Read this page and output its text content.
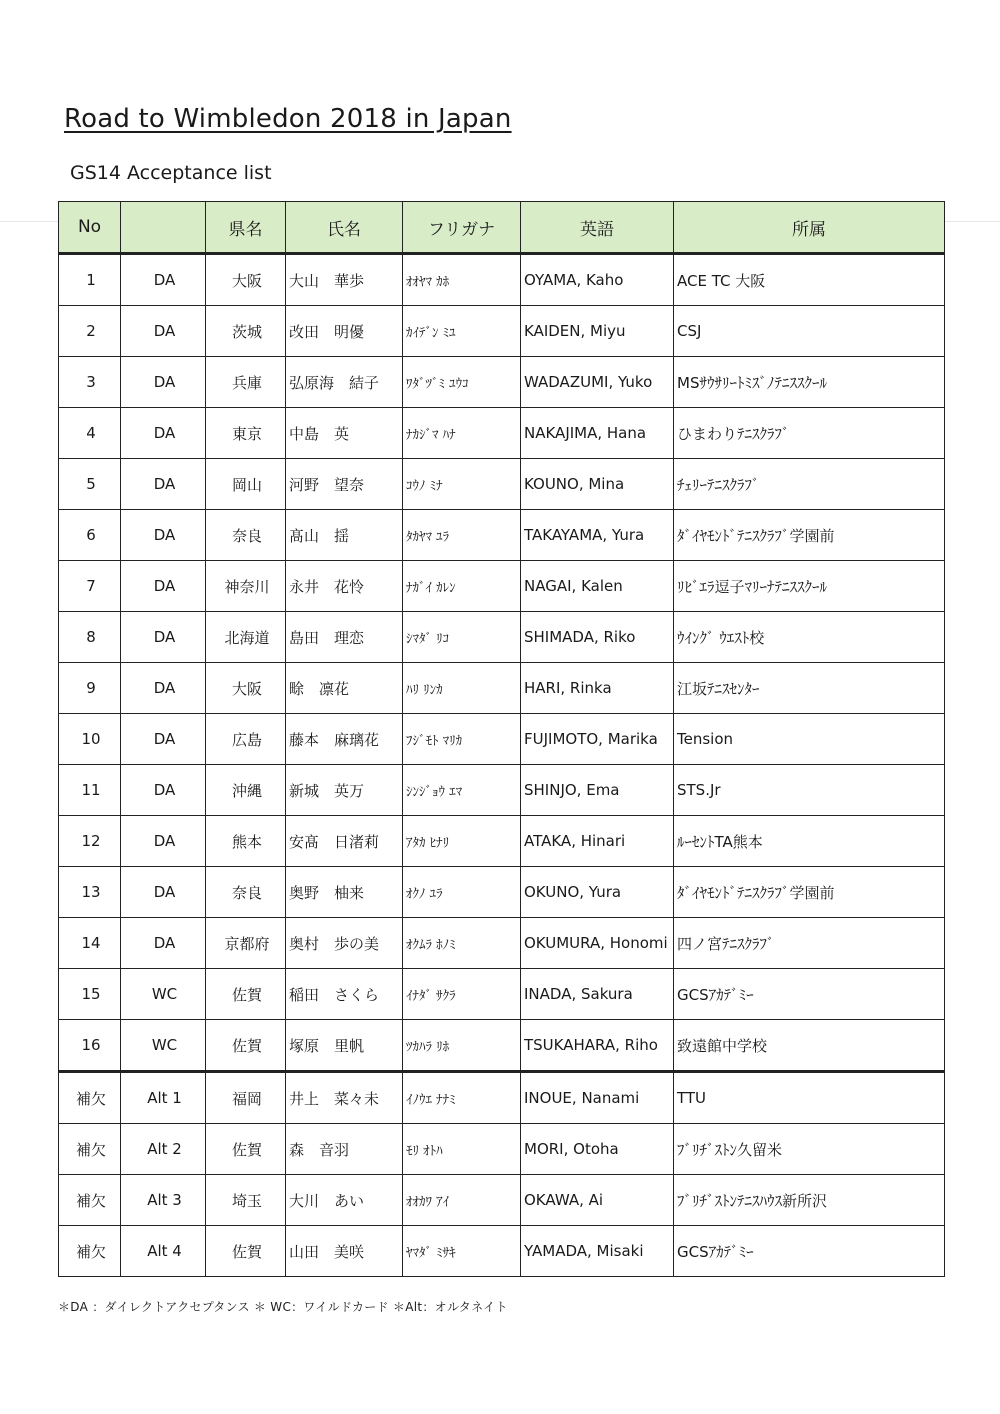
Road to Wimbledon 2018 in Japan
GS14 Acceptance list
No		県名	氏名	フリガナ	英語	所属
1	DA	大阪	大山　華歩	ｵｵﾔﾏ ｶﾎ	OYAMA, Kaho	ACE TC 大阪
2	DA	茨城	改田　明優	ｶｲﾃﾞﾝ ﾐﾕ	KAIDEN, Miyu	CSJ
3	DA	兵庫	弘原海　結子	ﾜﾀﾞﾂﾞﾐ ﾕｳｺ	WADAZUMI, Yuko	MSｻｳｻﾘｰﾄﾐｽﾞﾉﾃﾆｽｽｸｰﾙ
4	DA	東京	中島　英	ﾅｶｼﾞﾏ ﾊﾅ	NAKAJIMA, Hana	ひまわりﾃﾆｽｸﾗﾌﾞ
5	DA	岡山	河野　望奈	ｺｳﾉ ﾐﾅ	KOUNO, Mina	ﾁｪﾘｰﾃﾆｽｸﾗﾌﾞ
6	DA	奈良	髙山　揺	ﾀｶﾔﾏ ﾕﾗ	TAKAYAMA, Yura	ﾀﾞｲﾔﾓﾝﾄﾞﾃﾆｽｸﾗﾌﾞ学園前
7	DA	神奈川	永井　花怜	ﾅｶﾞｲ ｶﾚﾝ	NAGAI, Kalen	ﾘﾋﾞｴﾗ逗子ﾏﾘｰﾅﾃﾆｽｽｸｰﾙ
8	DA	北海道	島田　理恋	ｼﾏﾀﾞ ﾘｺ	SHIMADA, Riko	ｳｲﾝｸﾞ ｳｴｽﾄ校
9	DA	大阪	畭　凛花	ﾊﾘ ﾘﾝｶ	HARI, Rinka	江坂ﾃﾆｽｾﾝﾀｰ
10	DA	広島	藤本　麻璃花	ﾌｼﾞﾓﾄ ﾏﾘｶ	FUJIMOTO, Marika	Tension
11	DA	沖縄	新城　英万	ｼﾝｼﾞｮｳ ｴﾏ	SHINJO, Ema	STS.Jr
12	DA	熊本	安髙　日渚莉	ｱﾀｶ ﾋﾅﾘ	ATAKA, Hinari	ﾙｰｾﾝﾄTA熊本
13	DA	奈良	奥野　柚来	ｵｸﾉ ﾕﾗ	OKUNO, Yura	ﾀﾞｲﾔﾓﾝﾄﾞﾃﾆｽｸﾗﾌﾞ学園前
14	DA	京都府	奥村　歩の美	ｵｸﾑﾗ ﾎﾉﾐ	OKUMURA, Honomi	四ノ宮ﾃﾆｽｸﾗﾌﾞ
15	WC	佐賀	稲田　さくら	ｲﾅﾀﾞ ｻｸﾗ	INADA, Sakura	GCSｱｶﾃﾞﾐｰ
16	WC	佐賀	塚原　里帆	ﾂｶﾊﾗ ﾘﾎ	TSUKAHARA, Riho	致遠館中学校
補欠	Alt 1	福岡	井上　菜々未	ｲﾉｳｴ ﾅﾅﾐ	INOUE, Nanami	TTU
補欠	Alt 2	佐賀	森　音羽	ﾓﾘ ｵﾄﾊ	MORI, Otoha	ﾌﾞﾘﾁﾞｽﾄﾝ久留米
補欠	Alt 3	埼玉	大川　あい	ｵｵｶﾜ ｱｲ	OKAWA, Ai	ﾌﾞﾘﾁﾞｽﾄﾝﾃﾆｽﾊｳｽ新所沢
補欠	Alt 4	佐賀	山田　美咲	ﾔﾏﾀﾞ ﾐｻｷ	YAMADA, Misaki	GCSｱｶﾃﾞﾐｰ
＊DA ：ダイレクトアクセプタンス ＊ WC：ワイルドカード ＊Alt：オルタネイト
